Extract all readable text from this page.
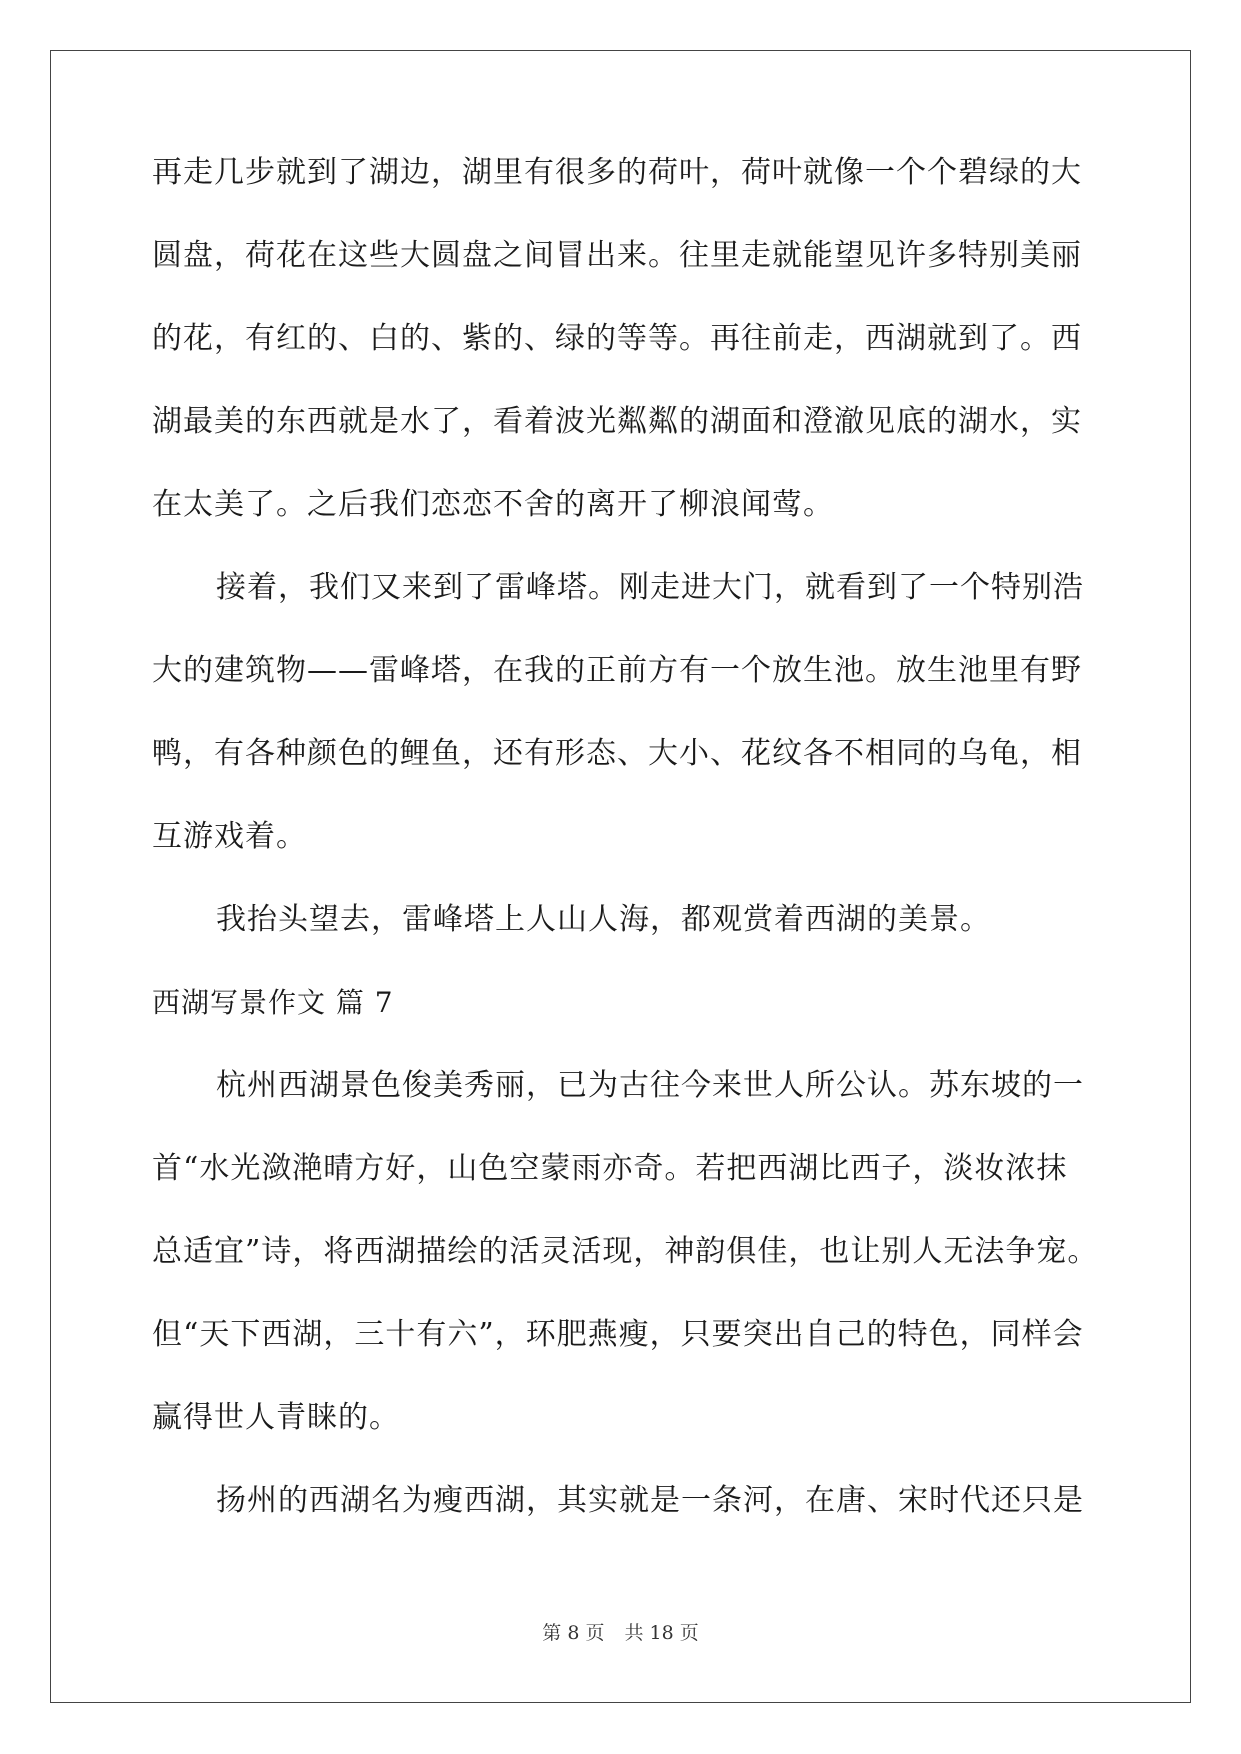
再走几步就到了湖边，湖里有很多的荷叶，荷叶就像一个个碧绿的大
圆盘，荷花在这些大圆盘之间冒出来。往里走就能望见许多特别美丽
的花，有红的、白的、紫的、绿的等等。再往前走，西湖就到了。西
湖最美的东西就是水了，看着波光粼粼的湖面和澄澈见底的湖水，实
在太美了。之后我们恋恋不舍的离开了柳浪闻莺。
接着，我们又来到了雷峰塔。刚走进大门，就看到了一个特别浩
大的建筑物——雷峰塔，在我的正前方有一个放生池。放生池里有野
鸭，有各种颜色的鲤鱼，还有形态、大小、花纹各不相同的乌龟，相
互游戏着。
我抬头望去，雷峰塔上人山人海，都观赏着西湖的美景。
西湖写景作文 篇 7
杭州西湖景色俊美秀丽，已为古往今来世人所公认。苏东坡的一
首“水光潋滟晴方好，山色空蒙雨亦奇。若把西湖比西子，淡妆浓抹
总适宜”诗，将西湖描绘的活灵活现，神韵俱佳，也让别人无法争宠。
但“天下西湖，三十有六”，环肥燕瘦，只要突出自己的特色，同样会
赢得世人青睐的。
扬州的西湖名为瘦西湖，其实就是一条河，在唐、宋时代还只是
第 8 页 共 18 页
